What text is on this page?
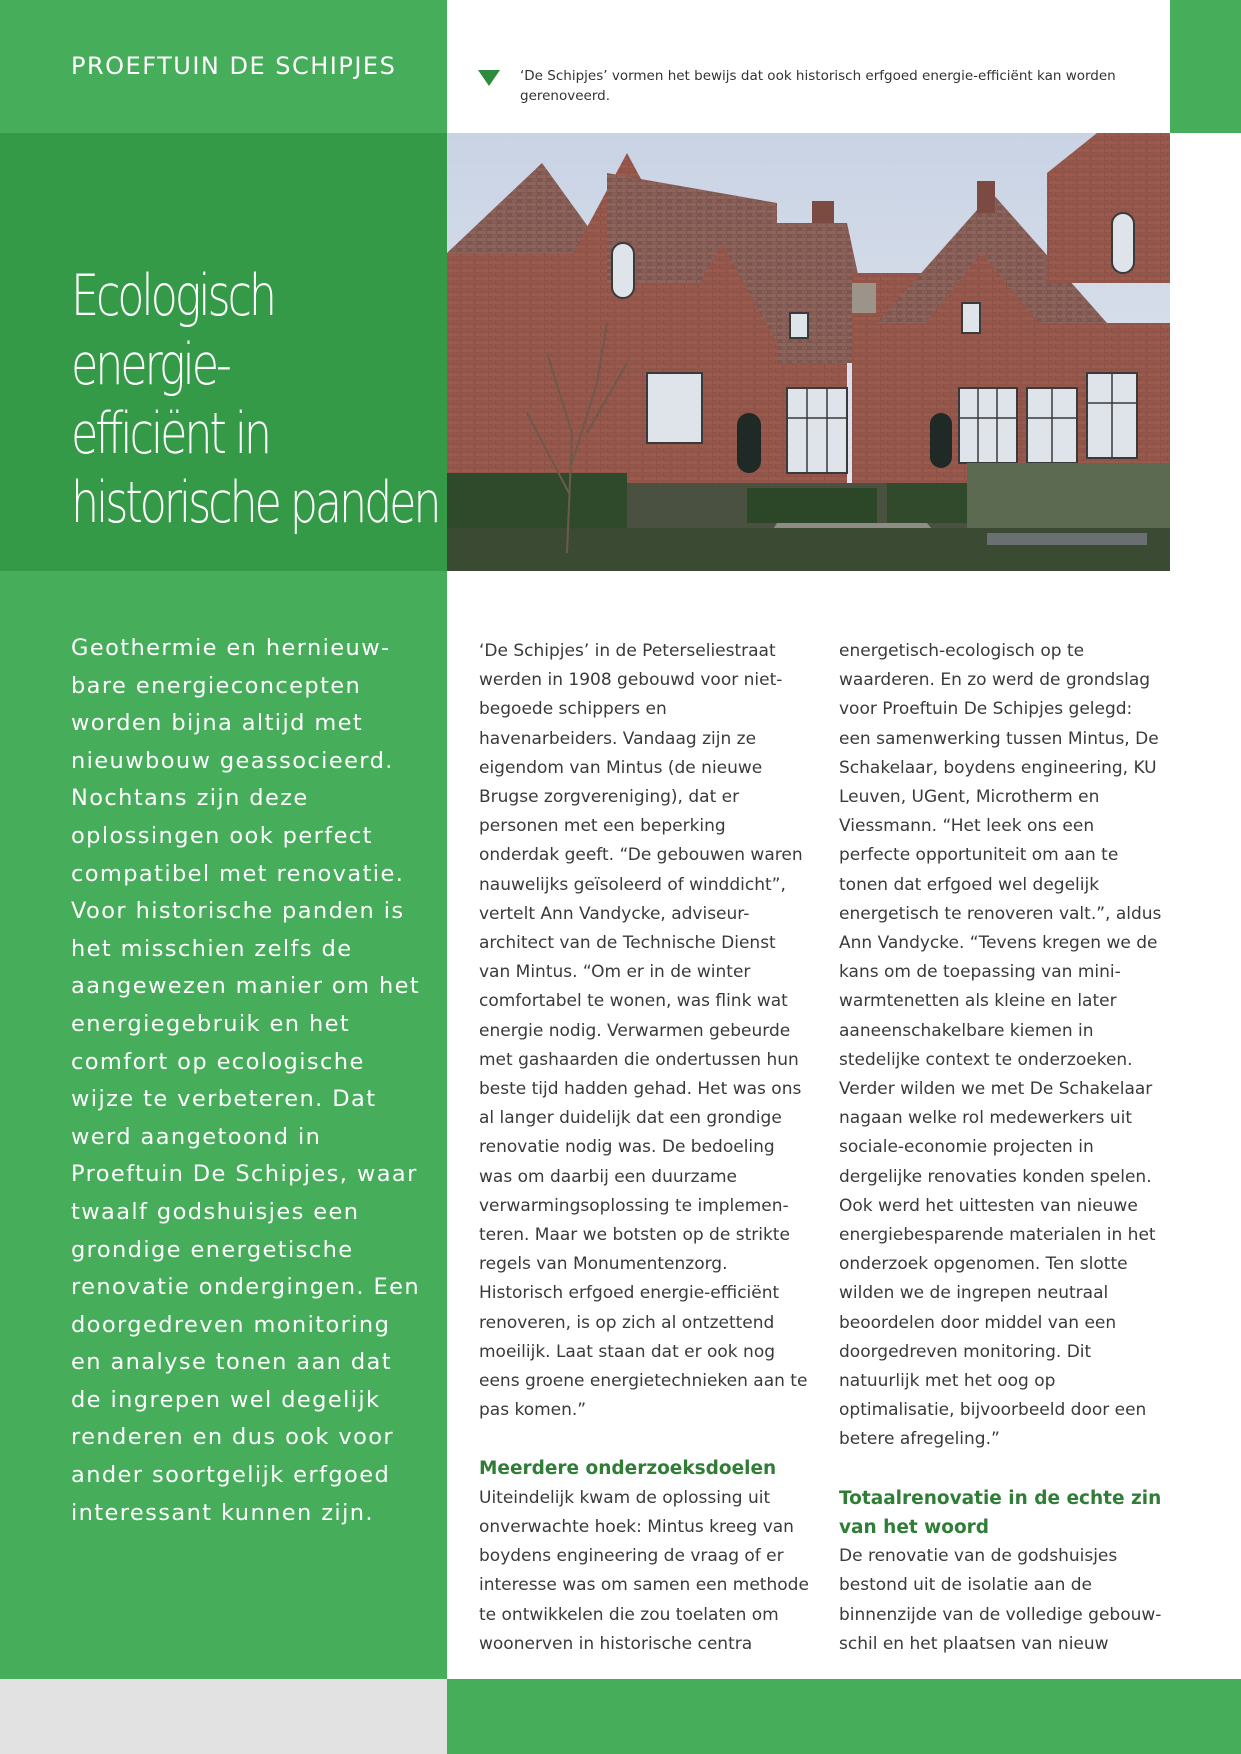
PROEFTUIN DE SCHIPJES	‘De Schipjes’ vormen het bewijs dat ook historisch erfgoed energie-efficiënt kan worden gerenoveerd.
Ecologisch energie-
efficiënt in
historische panden
Geothermie en hernieuw-bare energieconcepten worden bijna altijd met nieuwbouw geassocieerd. Nochtans zijn deze oplossingen ook perfect compatibel met renovatie. Voor historische panden is het misschien zelfs de aangewezen manier om het energiegebruik en het comfort op ecologische wijze te verbeteren. Dat werd aangetoond in Proeftuin De Schipjes, waar twaalf godshuisjes een grondige energetische renovatie ondergingen. Een doorgedreven monitoring en analyse tonen aan dat de ingrepen wel degelijk renderen en dus ook voor ander soortgelijk erfgoed interessant kunnen zijn.

‘De Schipjes’ in de Peterseliestraat werden in 1908 gebouwd voor niet-begoede schippers en havenarbeiders. Vandaag zijn ze eigendom van Mintus (de nieuwe Brugse zorgvereniging), dat er personen met een beperking onderdak geeft. “De gebouwen waren nauwelijks geïsoleerd of winddicht”, vertelt Ann Vandycke, adviseur-architect van de Technische Dienst van Mintus. “Om er in de winter comfortabel te wonen, was flink wat energie nodig. Verwarmen gebeurde met gashaarden die ondertussen hun beste tijd hadden gehad. Het was ons al langer duidelijk dat een grondige renovatie nodig was. De bedoeling was om daarbij een duurzame verwarmingsoplossing te implemen-teren. Maar we botsten op de strikte regels van Monumentenzorg. Historisch erfgoed energie-efficiënt renoveren, is op zich al ontzettend moeilijk. Laat staan dat er ook nog eens groene energietechnieken aan te pas komen.”

Meerdere onderzoeksdoelen

Uiteindelijk kwam de oplossing uit onverwachte hoek: Mintus kreeg van boydens engineering de vraag of er interesse was om samen een methode te ontwikkelen die zou toelaten om woonerven in historische centra

energetisch-ecologisch op te waarderen. En zo werd de grondslag voor Proeftuin De Schipjes gelegd: een samenwerking tussen Mintus, De Schakelaar, boydens engineering, KU Leuven, UGent, Microtherm en Viessmann. “Het leek ons een perfecte opportuniteit om aan te tonen dat erfgoed wel degelijk energetisch te renoveren valt.”, aldus Ann Vandycke. “Tevens kregen we de kans om de toepassing van mini-warmtenetten als kleine en later aaneenschakelbare kiemen in stedelijke context te onderzoeken. Verder wilden we met De Schakelaar nagaan welke rol medewerkers uit sociale-economie projecten in dergelijke renovaties konden spelen. Ook werd het uittesten van nieuwe energiebesparende materialen in het onderzoek opgenomen. Ten slotte wilden we de ingrepen neutraal beoordelen door middel van een doorgedreven monitoring. Dit natuurlijk met het oog op optimalisatie, bijvoorbeeld door een betere afregeling.”

Totaalrenovatie in de echte zin van het woord

De renovatie van de godshuisjes bestond uit de isolatie aan de binnenzijde van de volledige gebouw-schil en het plaatsen van nieuw
